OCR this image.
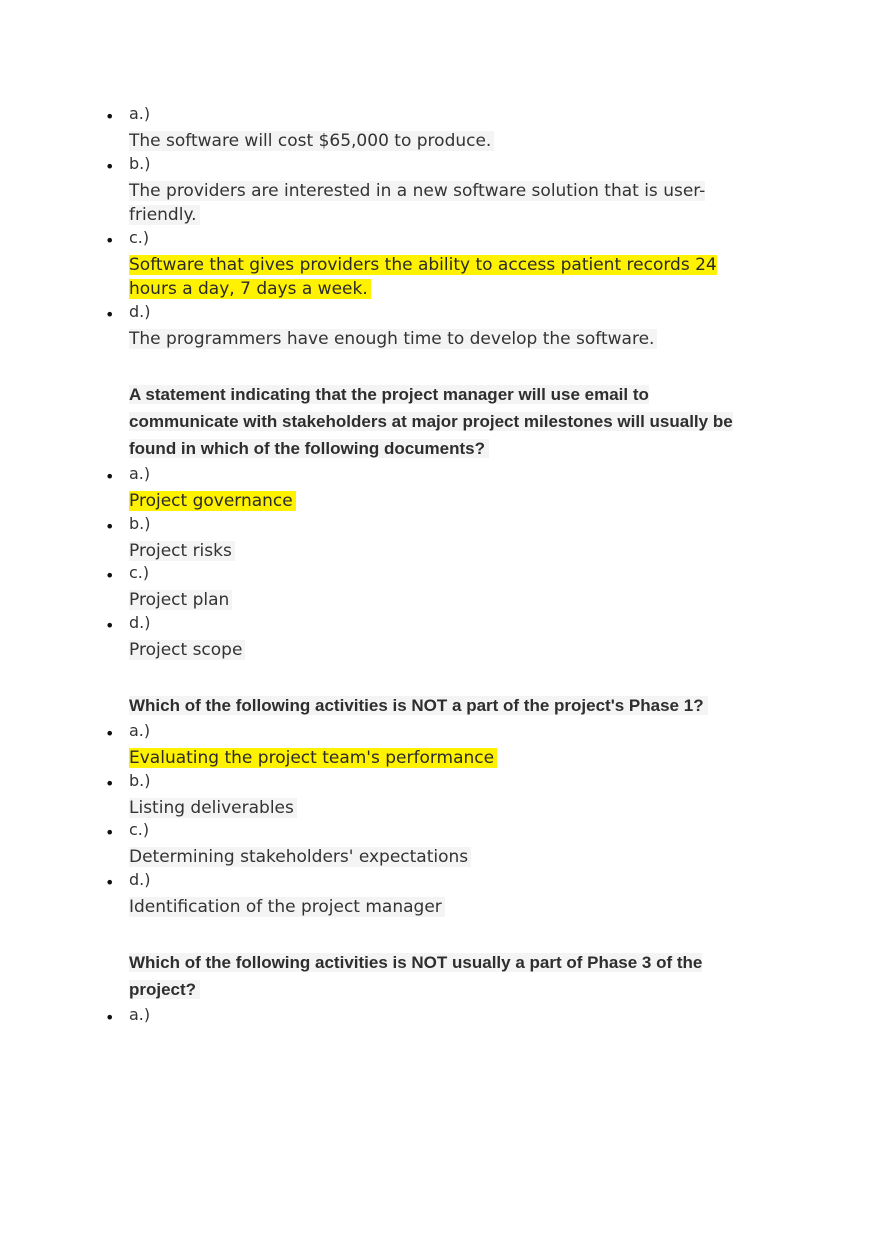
• a.)
The software will cost $65,000 to produce.
• b.)
The providers are interested in a new software solution that is user-friendly.
• c.)
Software that gives providers the ability to access patient records 24 hours a day, 7 days a week.
• d.)
The programmers have enough time to develop the software.
A statement indicating that the project manager will use email to communicate with stakeholders at major project milestones will usually be found in which of the following documents?
• a.)
Project governance
• b.)
Project risks
• c.)
Project plan
• d.)
Project scope
Which of the following activities is NOT a part of the project's Phase 1?
• a.)
Evaluating the project team's performance
• b.)
Listing deliverables
• c.)
Determining stakeholders' expectations
• d.)
Identification of the project manager
Which of the following activities is NOT usually a part of Phase 3 of the project?
• a.)
